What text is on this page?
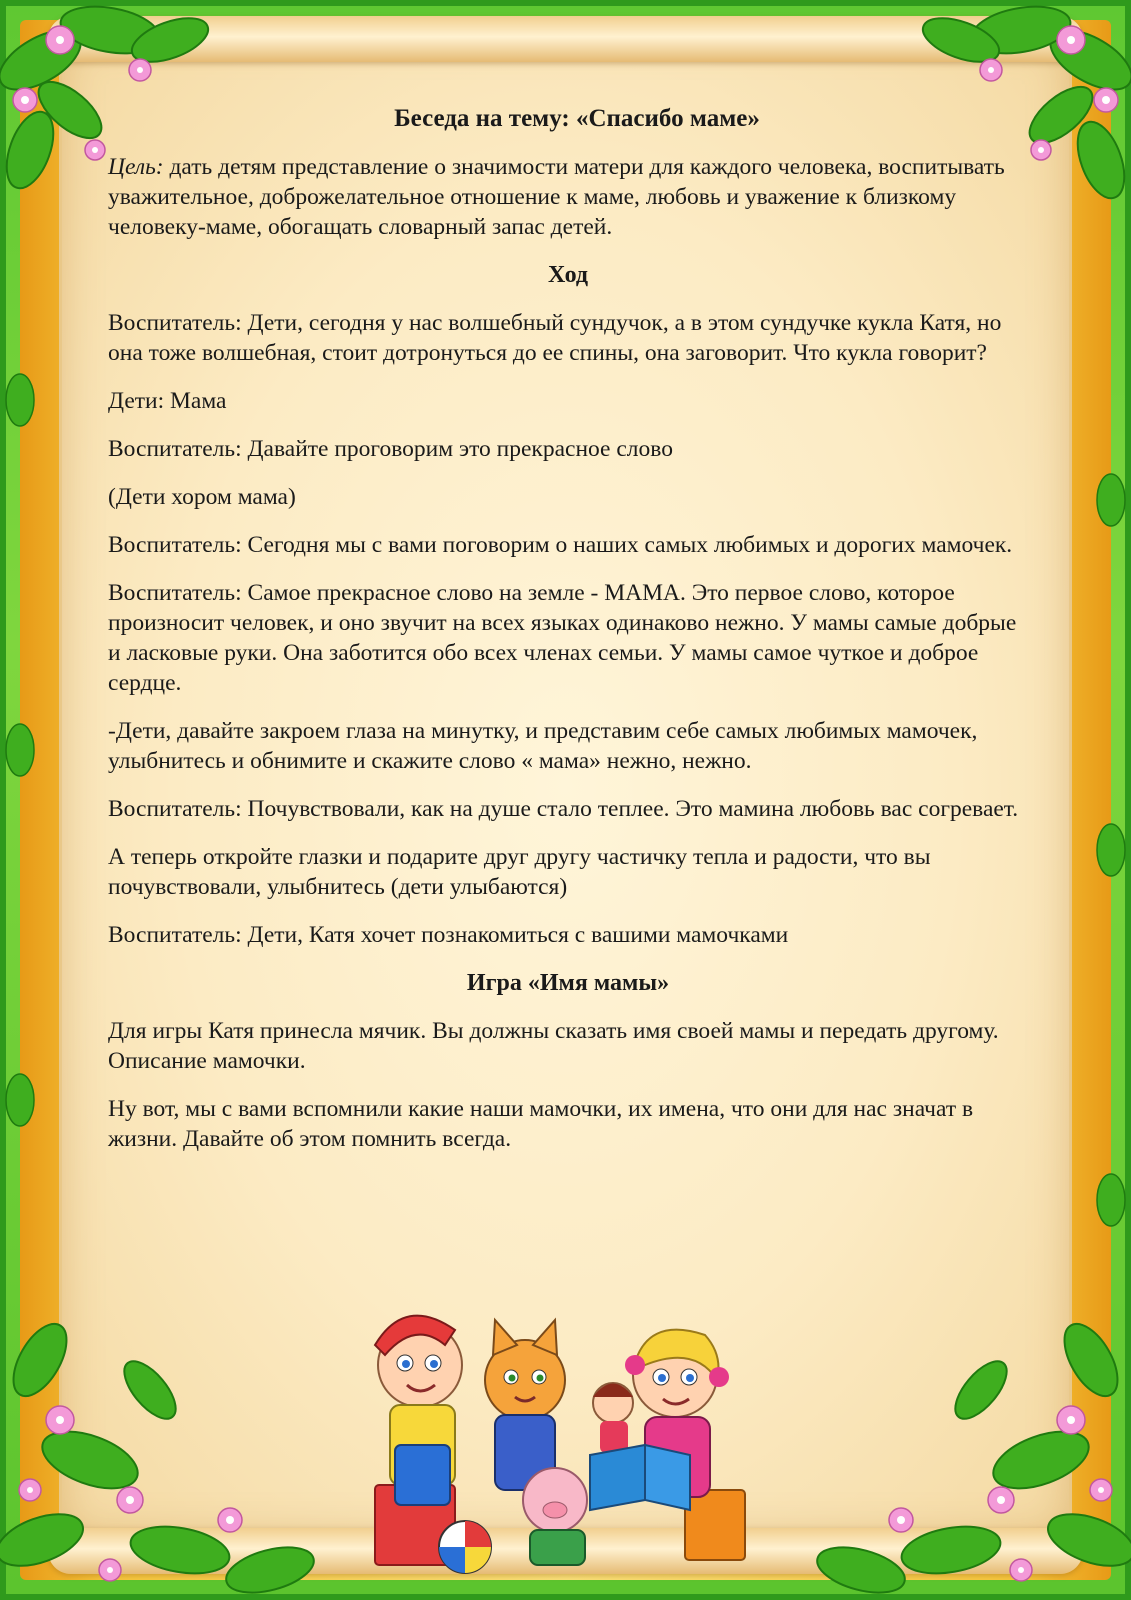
Беседа на тему: «Спасибо маме»

Цель: дать детям представление о значимости матери для каждого человека, воспитывать уважительное, доброжелательное отношение к маме, любовь и уважение к близкому человеку-маме, обогащать словарный запас детей.

Ход

Воспитатель: Дети, сегодня у нас волшебный сундучок, а в этом сундучке кукла Катя, но она тоже волшебная, стоит дотронуться до ее спины, она заговорит. Что кукла говорит?

Дети: Мама

Воспитатель: Давайте проговорим это прекрасное слово

(Дети хором мама)

Воспитатель: Сегодня мы с вами поговорим о наших самых любимых и дорогих мамочек.

Воспитатель: Самое прекрасное слово на земле - МАМА. Это первое слово, которое произносит человек, и оно звучит на всех языках одинаково нежно. У мамы самые добрые и ласковые руки. Она заботится обо всех членах семьи. У мамы самое чуткое и доброе сердце.

-Дети, давайте закроем глаза на минутку, и представим себе самых любимых мамочек, улыбнитесь и обнимите и скажите слово « мама» нежно, нежно.

Воспитатель: Почувствовали, как на душе стало теплее. Это мамина любовь вас согревает.

А теперь откройте глазки и подарите друг другу частичку тепла и радости, что вы почувствовали, улыбнитесь (дети улыбаются)

Воспитатель: Дети, Катя хочет познакомиться с вашими мамочками

Игра «Имя мамы»

Для игры Катя принесла мячик. Вы должны сказать имя своей мамы и передать другому. Описание мамочки.

Ну вот, мы с вами вспомнили какие наши мамочки, их имена, что они для нас значат в жизни. Давайте об этом помнить всегда.
